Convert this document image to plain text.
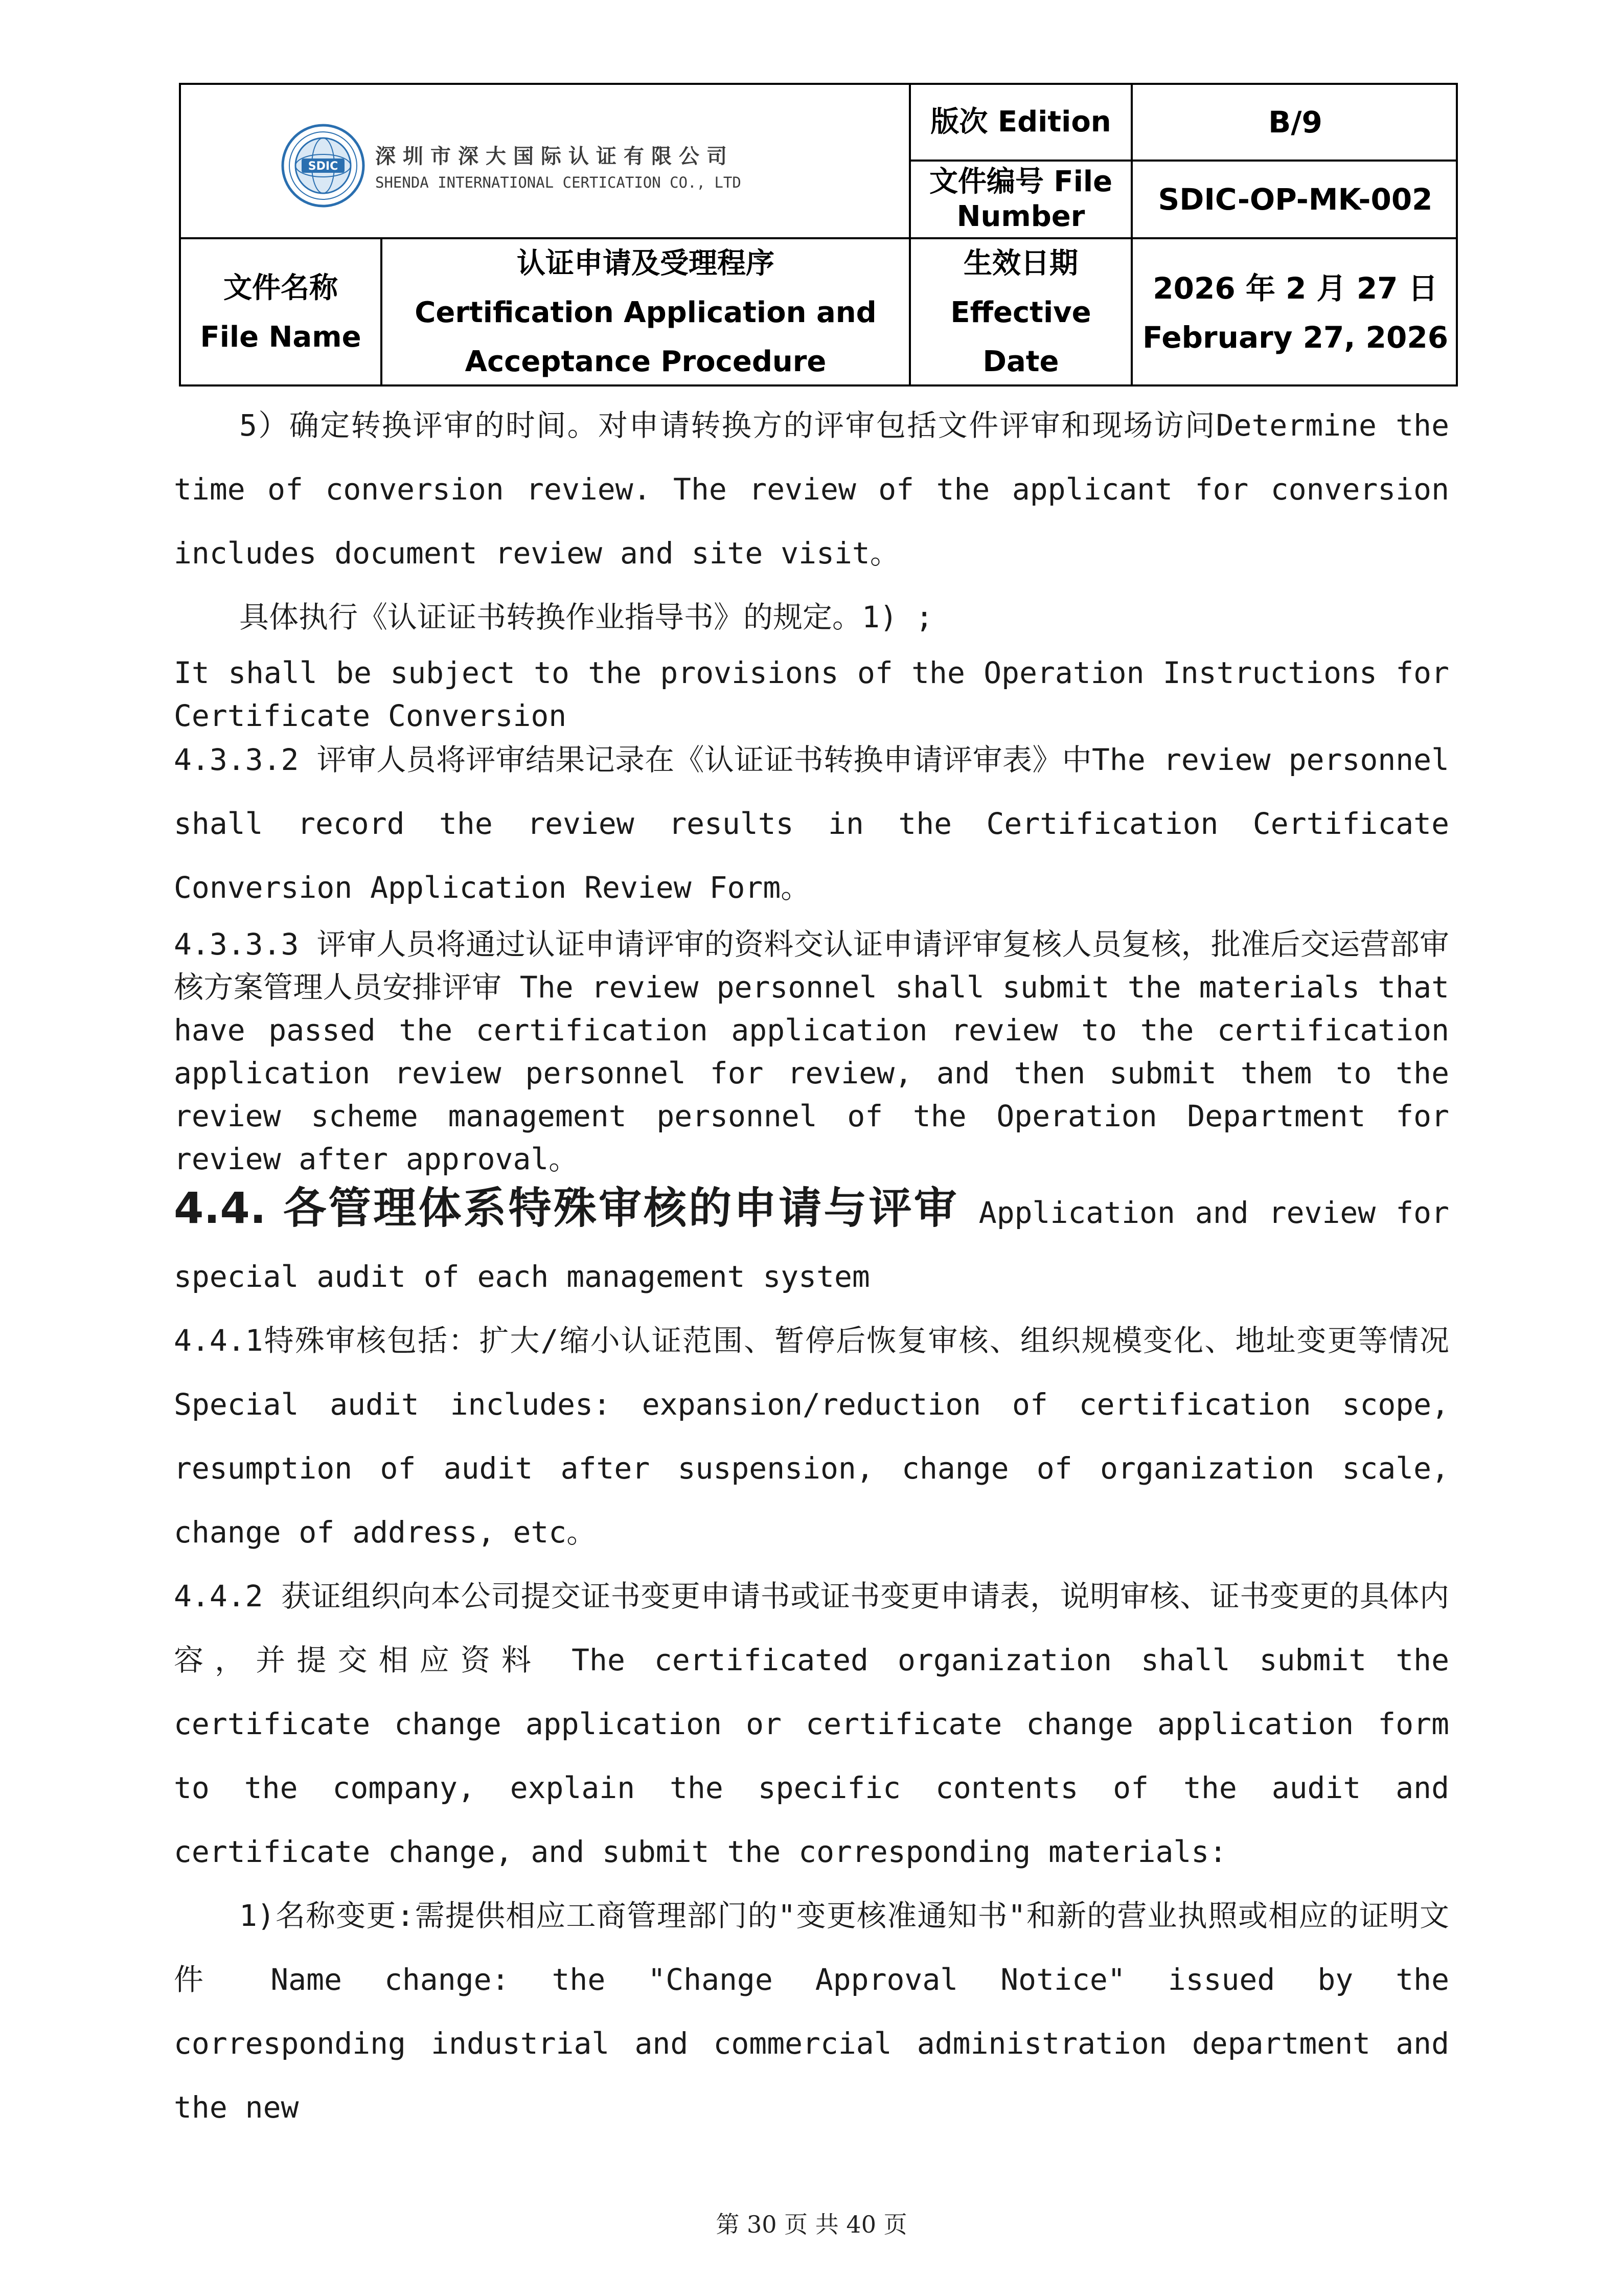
SDIC 深圳市深大国际认证有限公司
SHENDA INTERNATIONAL CERTICATION CO., LTD
版次 Edition	B/9
文件编号 File
Number	SDIC-OP-MK-002
文件名称
File Name
认证申请及受理程序
Certification Application and
Acceptance Procedure
生效日期
Effective
Date
2026 年 2 月 27 日
February 27, 2026

5）确定转换评审的时间。对申请转换方的评审包括文件评审和现场访问Determine the time of conversion review. The review of the applicant for conversion includes document review and site visit。

具体执行《认证证书转换作业指导书》的规定。1) ;

It shall be subject to the provisions of the Operation Instructions for Certificate Conversion

4.3.3.2 评审人员将评审结果记录在《认证证书转换申请评审表》中The review personnel shall record the review results in the Certification Certificate Conversion Application Review Form。

4.3.3.3 评审人员将通过认证申请评审的资料交认证申请评审复核人员复核，批准后交运营部审核方案管理人员安排评审 The review personnel shall submit the materials that have passed the certification application review to the certification application review personnel for review, and then submit them to the review scheme management personnel of the Operation Department for review after approval。

4.4. 各管理体系特殊审核的申请与评审 Application and review for special audit of each management system

4.4.1特殊审核包括：扩大/缩小认证范围、暂停后恢复审核、组织规模变化、地址变更等情况 Special audit includes: expansion/reduction of certification scope, resumption of audit after suspension, change of organization scale, change of address, etc。

4.4.2 获证组织向本公司提交证书变更申请书或证书变更申请表，说明审核、证书变更的具体内容，并提交相应资料 The certificated organization shall submit the certificate change application or certificate change application form to the company, explain the specific contents of the audit and certificate change, and submit the corresponding materials:

1)名称变更:需提供相应工商管理部门的"变更核准通知书"和新的营业执照或相应的证明文件 Name change: the "Change Approval Notice" issued by the corresponding industrial and commercial administration department and the new

第 30 页 共 40 页
